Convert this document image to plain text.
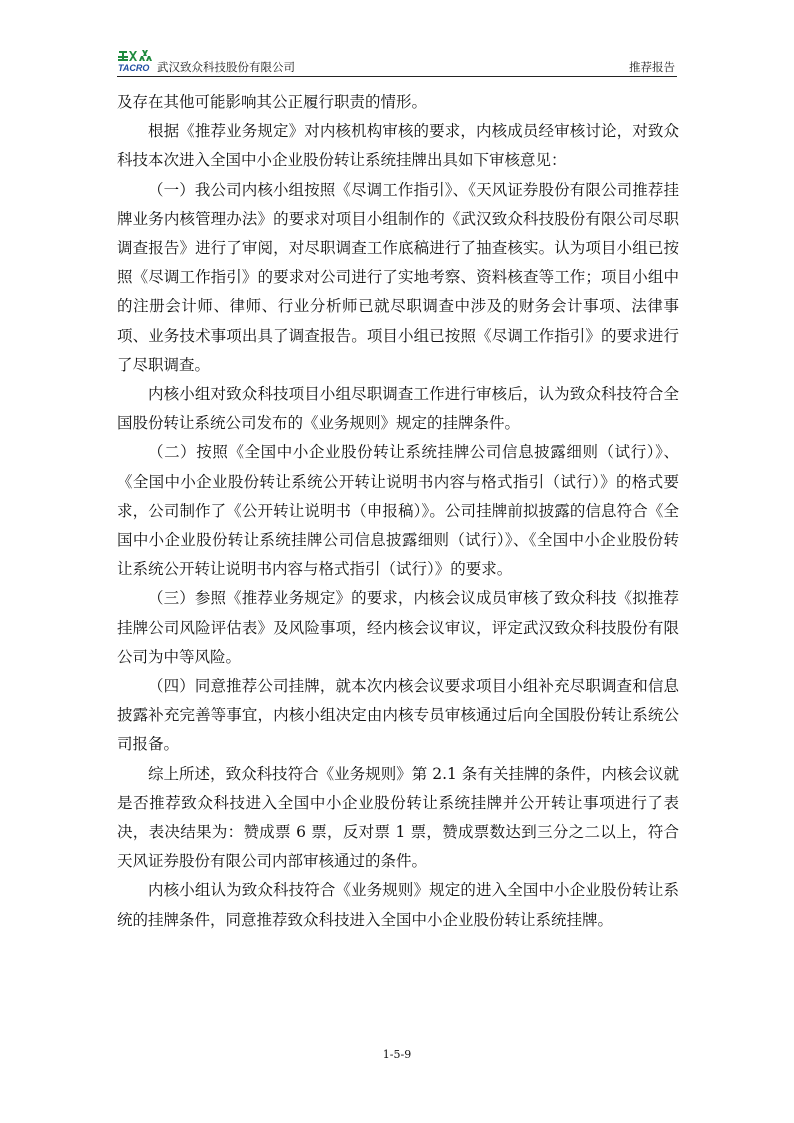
TACRO 武汉致众科技股份有限公司	推荐报告

及存在其他可能影响其公正履行职责的情形。

根据《推荐业务规定》对内核机构审核的要求，内核成员经审核讨论，对致众科技本次进入全国中小企业股份转让系统挂牌出具如下审核意见：

（一）我公司内核小组按照《尽调工作指引》、《天风证券股份有限公司推荐挂牌业务内核管理办法》的要求对项目小组制作的《武汉致众科技股份有限公司尽职调查报告》进行了审阅，对尽职调查工作底稿进行了抽查核实。认为项目小组已按照《尽调工作指引》的要求对公司进行了实地考察、资料核查等工作；项目小组中的注册会计师、律师、行业分析师已就尽职调查中涉及的财务会计事项、法律事项、业务技术事项出具了调查报告。项目小组已按照《尽调工作指引》的要求进行了尽职调查。

内核小组对致众科技项目小组尽职调查工作进行审核后，认为致众科技符合全国股份转让系统公司发布的《业务规则》规定的挂牌条件。

（二）按照《全国中小企业股份转让系统挂牌公司信息披露细则（试行）》、《全国中小企业股份转让系统公开转让说明书内容与格式指引（试行）》的格式要求，公司制作了《公开转让说明书（申报稿）》。公司挂牌前拟披露的信息符合《全国中小企业股份转让系统挂牌公司信息披露细则（试行）》、《全国中小企业股份转让系统公开转让说明书内容与格式指引（试行）》的要求。

（三）参照《推荐业务规定》的要求，内核会议成员审核了致众科技《拟推荐挂牌公司风险评估表》及风险事项，经内核会议审议，评定武汉致众科技股份有限公司为中等风险。

（四）同意推荐公司挂牌，就本次内核会议要求项目小组补充尽职调查和信息披露补充完善等事宜，内核小组决定由内核专员审核通过后向全国股份转让系统公司报备。

综上所述，致众科技符合《业务规则》第 2.1 条有关挂牌的条件，内核会议就是否推荐致众科技进入全国中小企业股份转让系统挂牌并公开转让事项进行了表决，表决结果为：赞成票 6 票，反对票 1 票，赞成票数达到三分之二以上，符合天风证券股份有限公司内部审核通过的条件。

内核小组认为致众科技符合《业务规则》规定的进入全国中小企业股份转让系统的挂牌条件，同意推荐致众科技进入全国中小企业股份转让系统挂牌。

1-5-9
